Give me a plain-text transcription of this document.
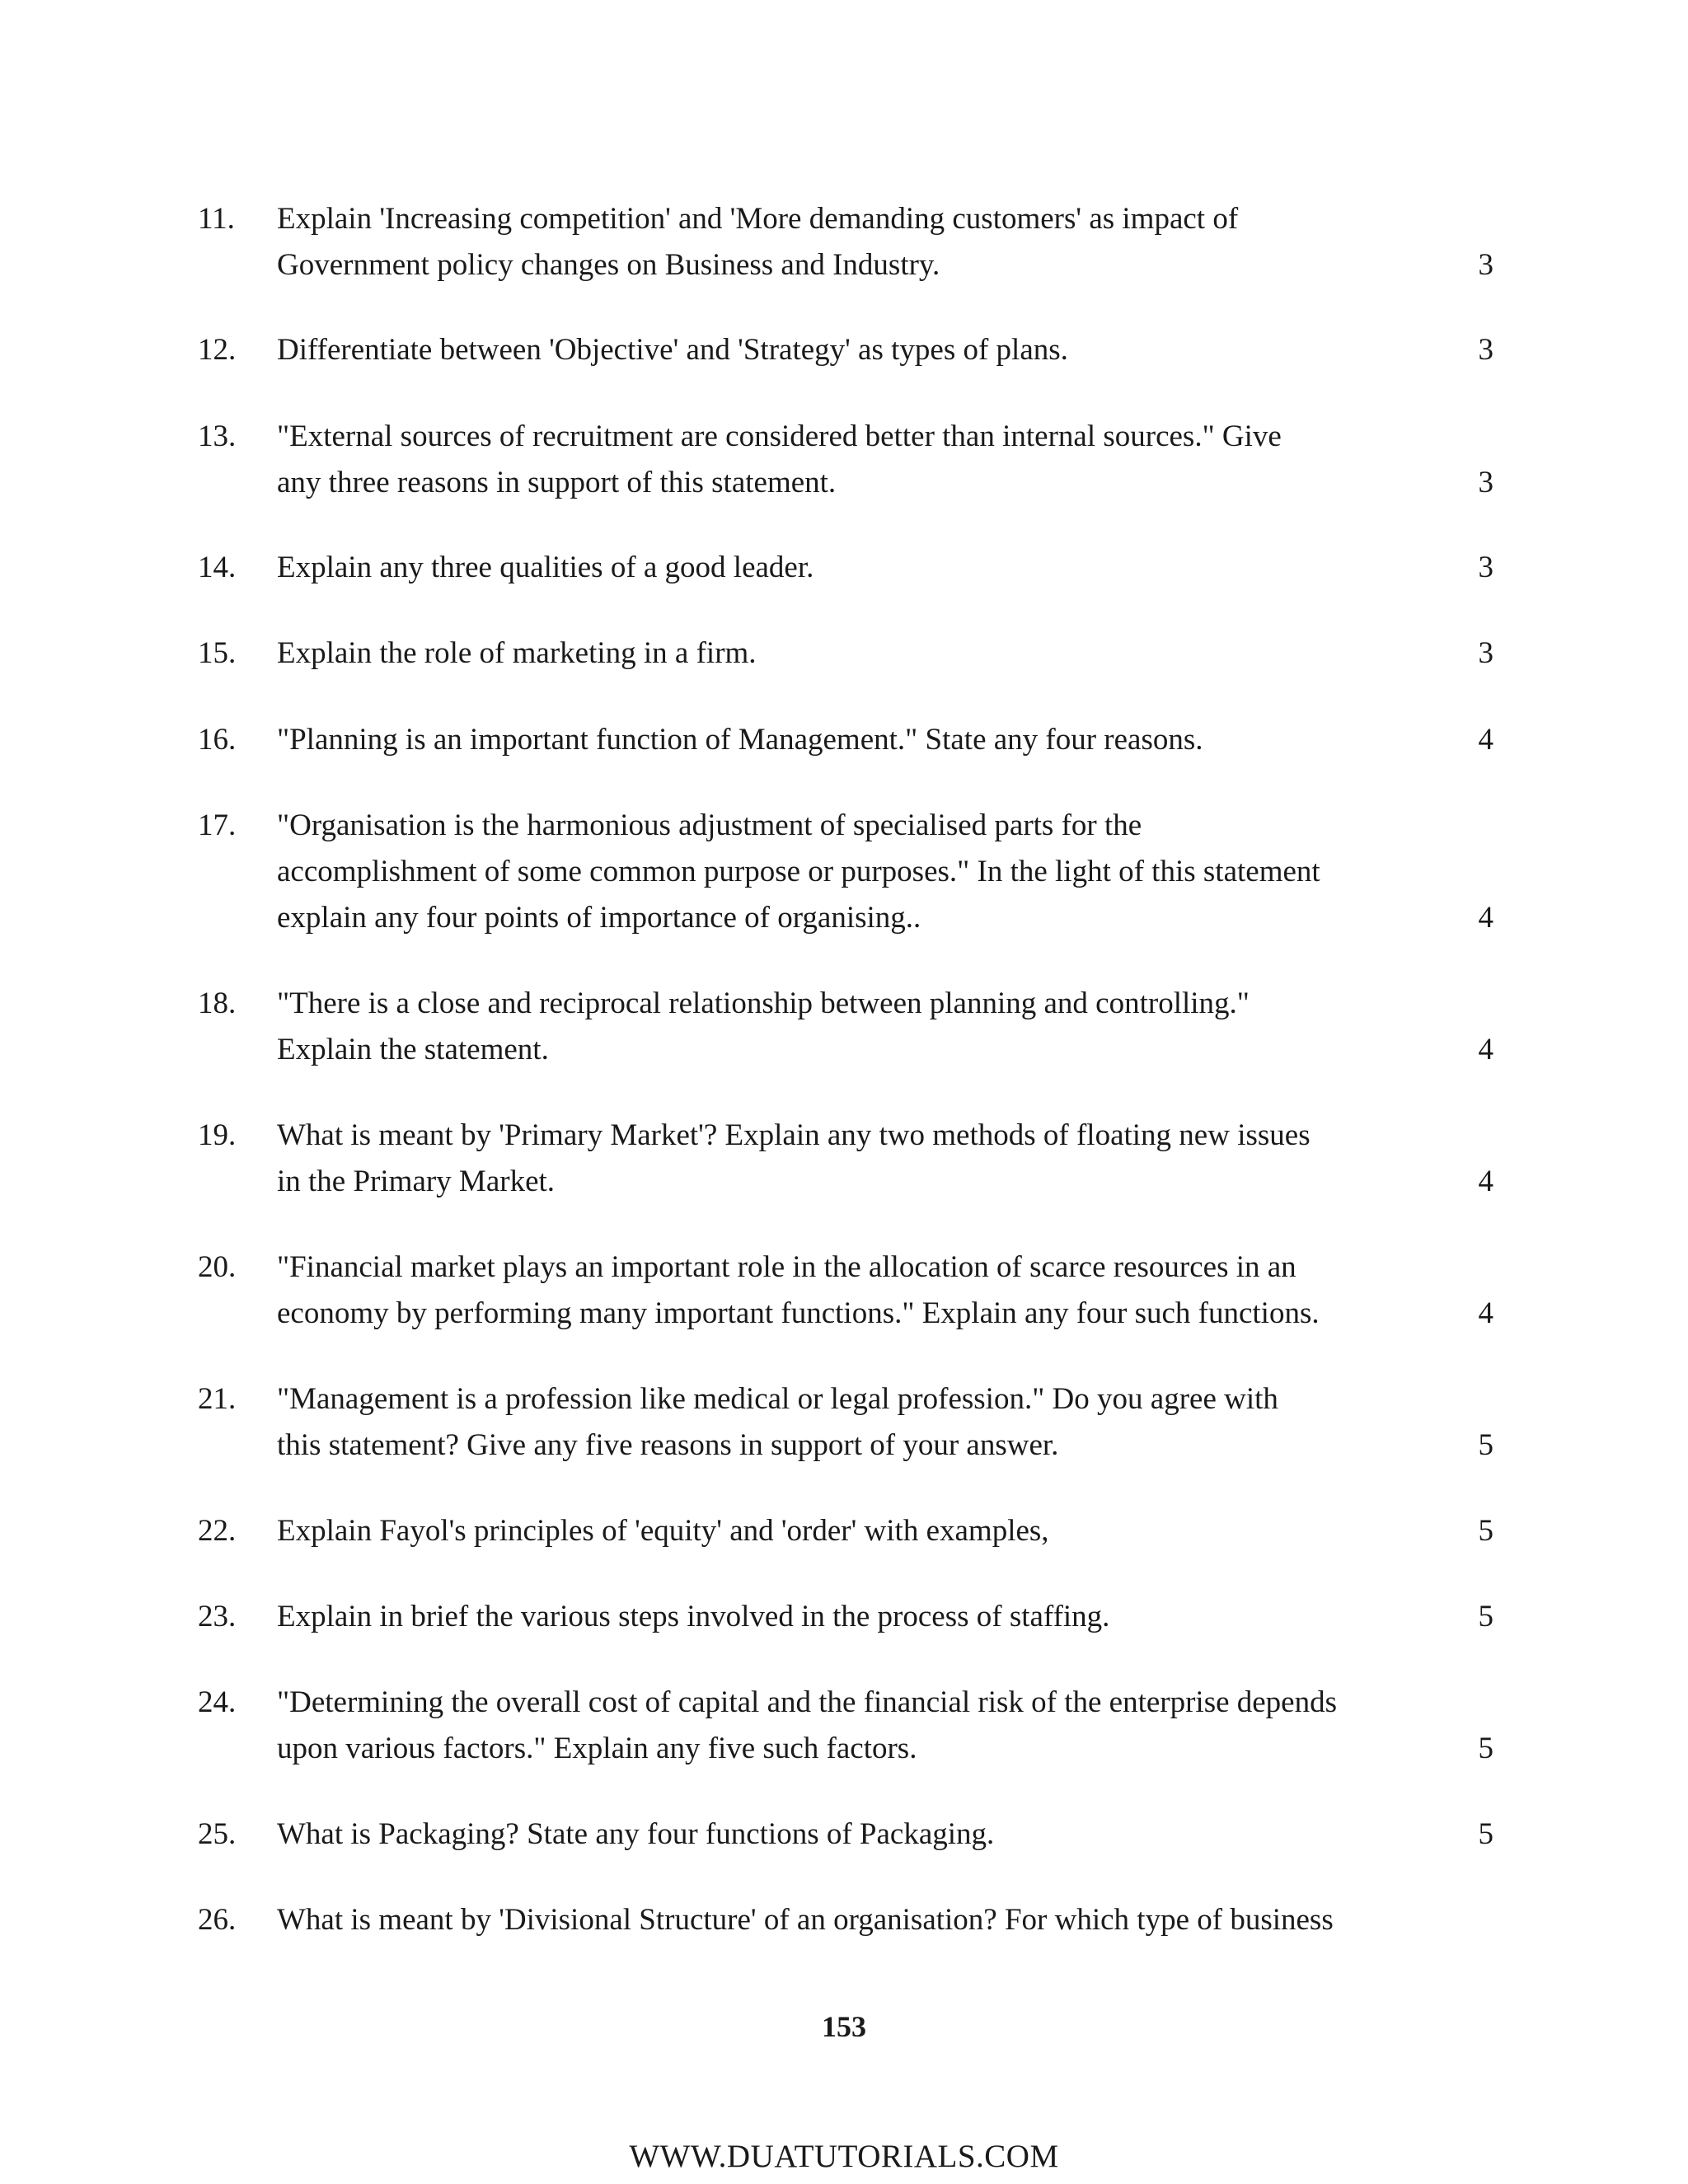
11. Explain 'Increasing competition' and 'More demanding customers' as impact of
Government policy changes on Business and Industry.	3
12. Differentiate between 'Objective' and 'Strategy' as types of plans.	3
13. "External sources of recruitment are considered better than internal sources." Give
any three reasons in support of this statement.	3
14. Explain any three qualities of a good leader.	3
15. Explain the role of marketing in a firm.	3
16. "Planning is an important function of Management." State any four reasons.	4
17. "Organisation is the harmonious adjustment of specialised parts for the
accomplishment of some common purpose or purposes." In the light of this statement
explain any four points of importance of organising..	4
18. "There is a close and reciprocal relationship between planning and controlling."
Explain the statement.	4
19. What is meant by 'Primary Market'? Explain any two methods of floating new issues
in the Primary Market.	4
20. "Financial market plays an important role in the allocation of scarce resources in an
economy by performing many important functions." Explain any four such functions.	4
21. "Management is a profession like medical or legal profession." Do you agree with
this statement? Give any five reasons in support of your answer.	5
22. Explain Fayol's principles of 'equity' and 'order' with examples,	5
23. Explain in brief the various steps involved in the process of staffing.	5
24. "Determining the overall cost of capital and the financial risk of the enterprise depends
upon various factors." Explain any five such factors.	5
25. What is Packaging? State any four functions of Packaging.	5
26. What is meant by 'Divisional Structure' of an organisation? For which type of business
153
WWW.DUATUTORIALS.COM
